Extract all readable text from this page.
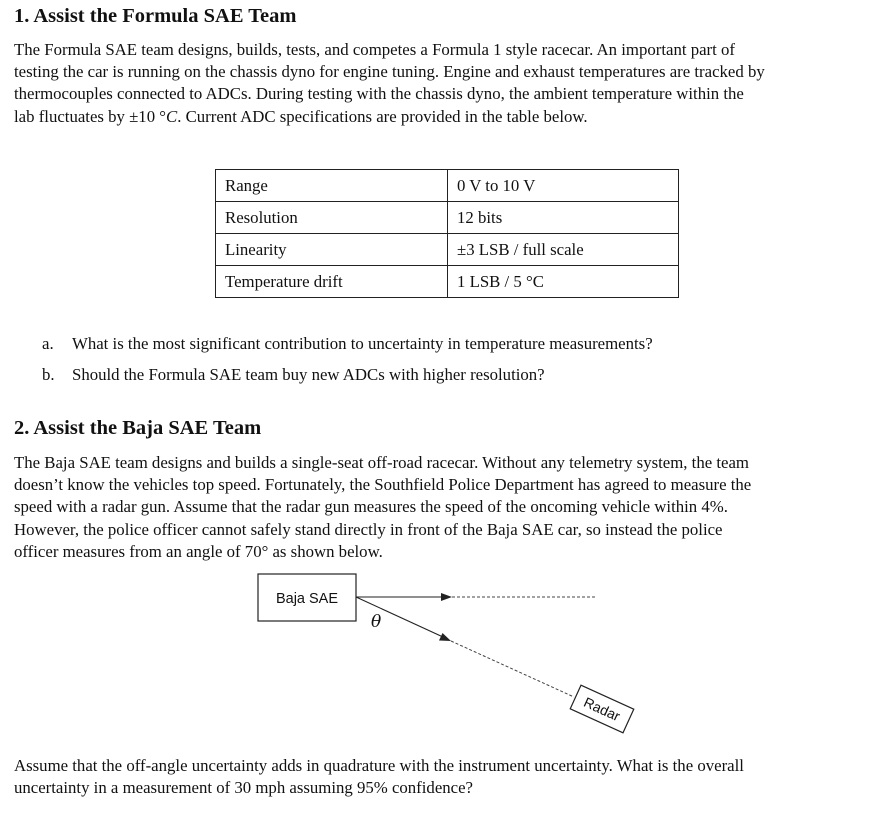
1. Assist the Formula SAE Team
The Formula SAE team designs, builds, tests, and competes a Formula 1 style racecar. An important part of
testing the car is running on the chassis dyno for engine tuning. Engine and exhaust temperatures are tracked by
thermocouples connected to ADCs. During testing with the chassis dyno, the ambient temperature within the
lab fluctuates by ±10 °C. Current ADC specifications are provided in the table below.
Range	0 V to 10 V
Resolution	12 bits
Linearity	±3 LSB / full scale
Temperature drift	1 LSB / 5 °C
a. What is the most significant contribution to uncertainty in temperature measurements?
b. Should the Formula SAE team buy new ADCs with higher resolution?
2. Assist the Baja SAE Team
The Baja SAE team designs and builds a single-seat off-road racecar. Without any telemetry system, the team
doesn’t know the vehicles top speed. Fortunately, the Southfield Police Department has agreed to measure the
speed with a radar gun. Assume that the radar gun measures the speed of the oncoming vehicle within 4%.
However, the police officer cannot safely stand directly in front of the Baja SAE car, so instead the police
officer measures from an angle of 70° as shown below.
Baja SAE
θ
Radar
Assume that the off-angle uncertainty adds in quadrature with the instrument uncertainty. What is the overall
uncertainty in a measurement of 30 mph assuming 95% confidence?
